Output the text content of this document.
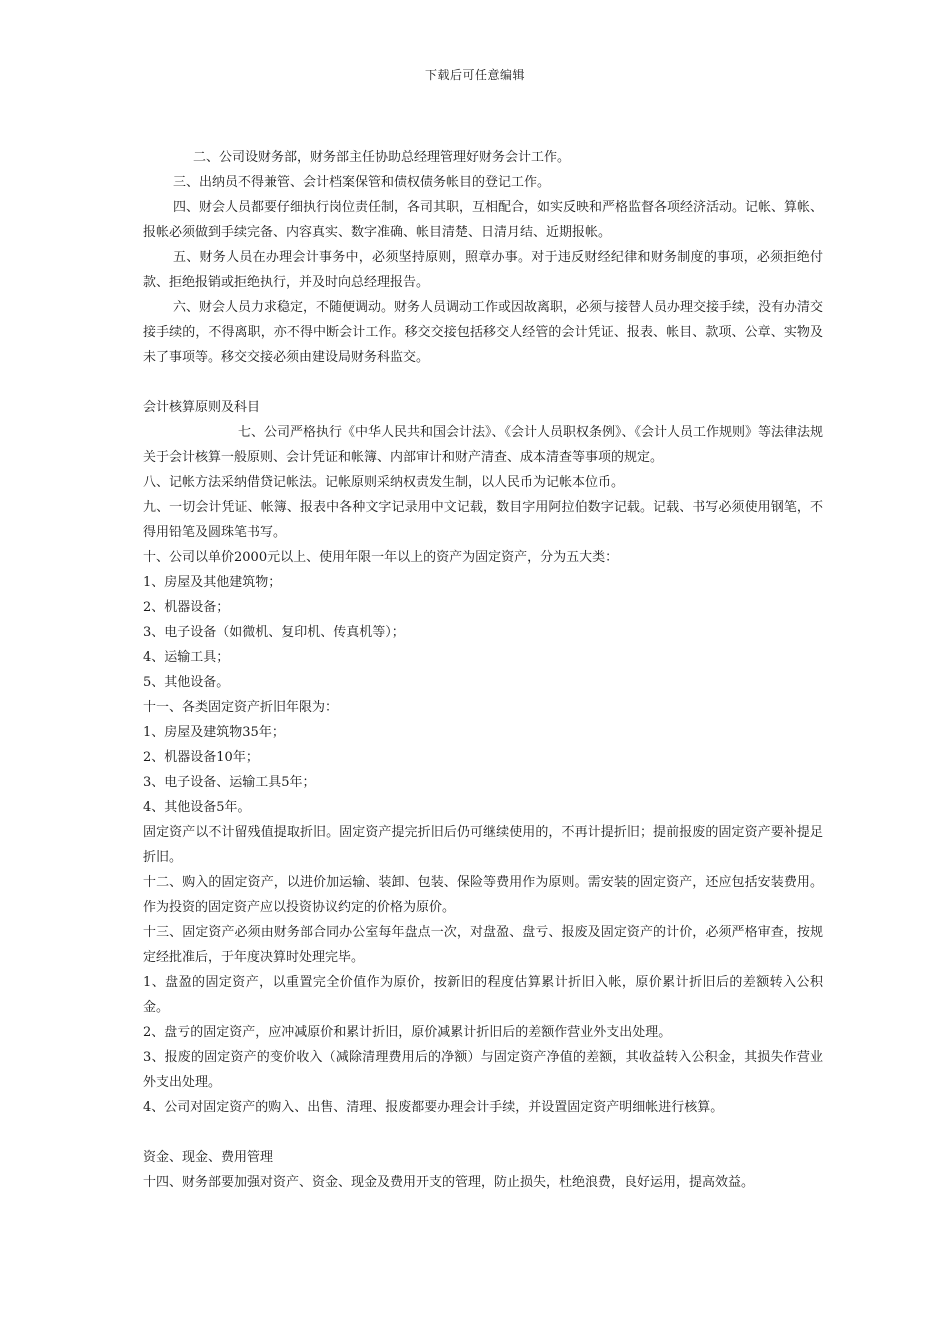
下载后可任意编辑

二、公司设财务部，财务部主任协助总经理管理好财务会计工作。

三、出纳员不得兼管、会计档案保管和债权债务帐目的登记工作。

四、财会人员都要仔细执行岗位责任制，各司其职，互相配合，如实反映和严格监督各项经济活动。记帐、算帐、报帐必须做到手续完备、内容真实、数字准确、帐目清楚、日清月结、近期报帐。

五、财务人员在办理会计事务中，必须坚持原则，照章办事。对于违反财经纪律和财务制度的事项，必须拒绝付款、拒绝报销或拒绝执行，并及时向总经理报告。

六、财会人员力求稳定，不随便调动。财务人员调动工作或因故离职，必须与接替人员办理交接手续，没有办清交接手续的，不得离职，亦不得中断会计工作。移交交接包括移交人经管的会计凭证、报表、帐目、款项、公章、实物及未了事项等。移交交接必须由建设局财务科监交。

会计核算原则及科目

七、公司严格执行《中华人民共和国会计法》、《会计人员职权条例》、《会计人员工作规则》等法律法规关于会计核算一般原则、会计凭证和帐簿、内部审计和财产清查、成本清查等事项的规定。

八、记帐方法采纳借贷记帐法。记帐原则采纳权责发生制，以人民币为记帐本位币。

九、一切会计凭证、帐簿、报表中各种文字记录用中文记载，数目字用阿拉伯数字记载。记载、书写必须使用钢笔，不得用铅笔及圆珠笔书写。

十、公司以单价2000元以上、使用年限一年以上的资产为固定资产，分为五大类：

1、房屋及其他建筑物；

2、机器设备；

3、电子设备（如微机、复印机、传真机等）；

4、运输工具；

5、其他设备。

十一、各类固定资产折旧年限为：

1、房屋及建筑物35年；

2、机器设备10年；

3、电子设备、运输工具5年；

4、其他设备5年。

固定资产以不计留残值提取折旧。固定资产提完折旧后仍可继续使用的，不再计提折旧；提前报废的固定资产要补提足折旧。

十二、购入的固定资产，以进价加运输、装卸、包装、保险等费用作为原则。需安装的固定资产，还应包括安装费用。作为投资的固定资产应以投资协议约定的价格为原价。

十三、固定资产必须由财务部合同办公室每年盘点一次，对盘盈、盘亏、报废及固定资产的计价，必须严格审查，按规定经批准后，于年度决算时处理完毕。

1、盘盈的固定资产，以重置完全价值作为原价，按新旧的程度估算累计折旧入帐，原价累计折旧后的差额转入公积金。

2、盘亏的固定资产，应冲减原价和累计折旧，原价减累计折旧后的差额作营业外支出处理。

3、报废的固定资产的变价收入（减除清理费用后的净额）与固定资产净值的差额，其收益转入公积金，其损失作营业外支出处理。

4、公司对固定资产的购入、出售、清理、报废都要办理会计手续，并设置固定资产明细帐进行核算。

资金、现金、费用管理

十四、财务部要加强对资产、资金、现金及费用开支的管理，防止损失，杜绝浪费，良好运用，提高效益。
